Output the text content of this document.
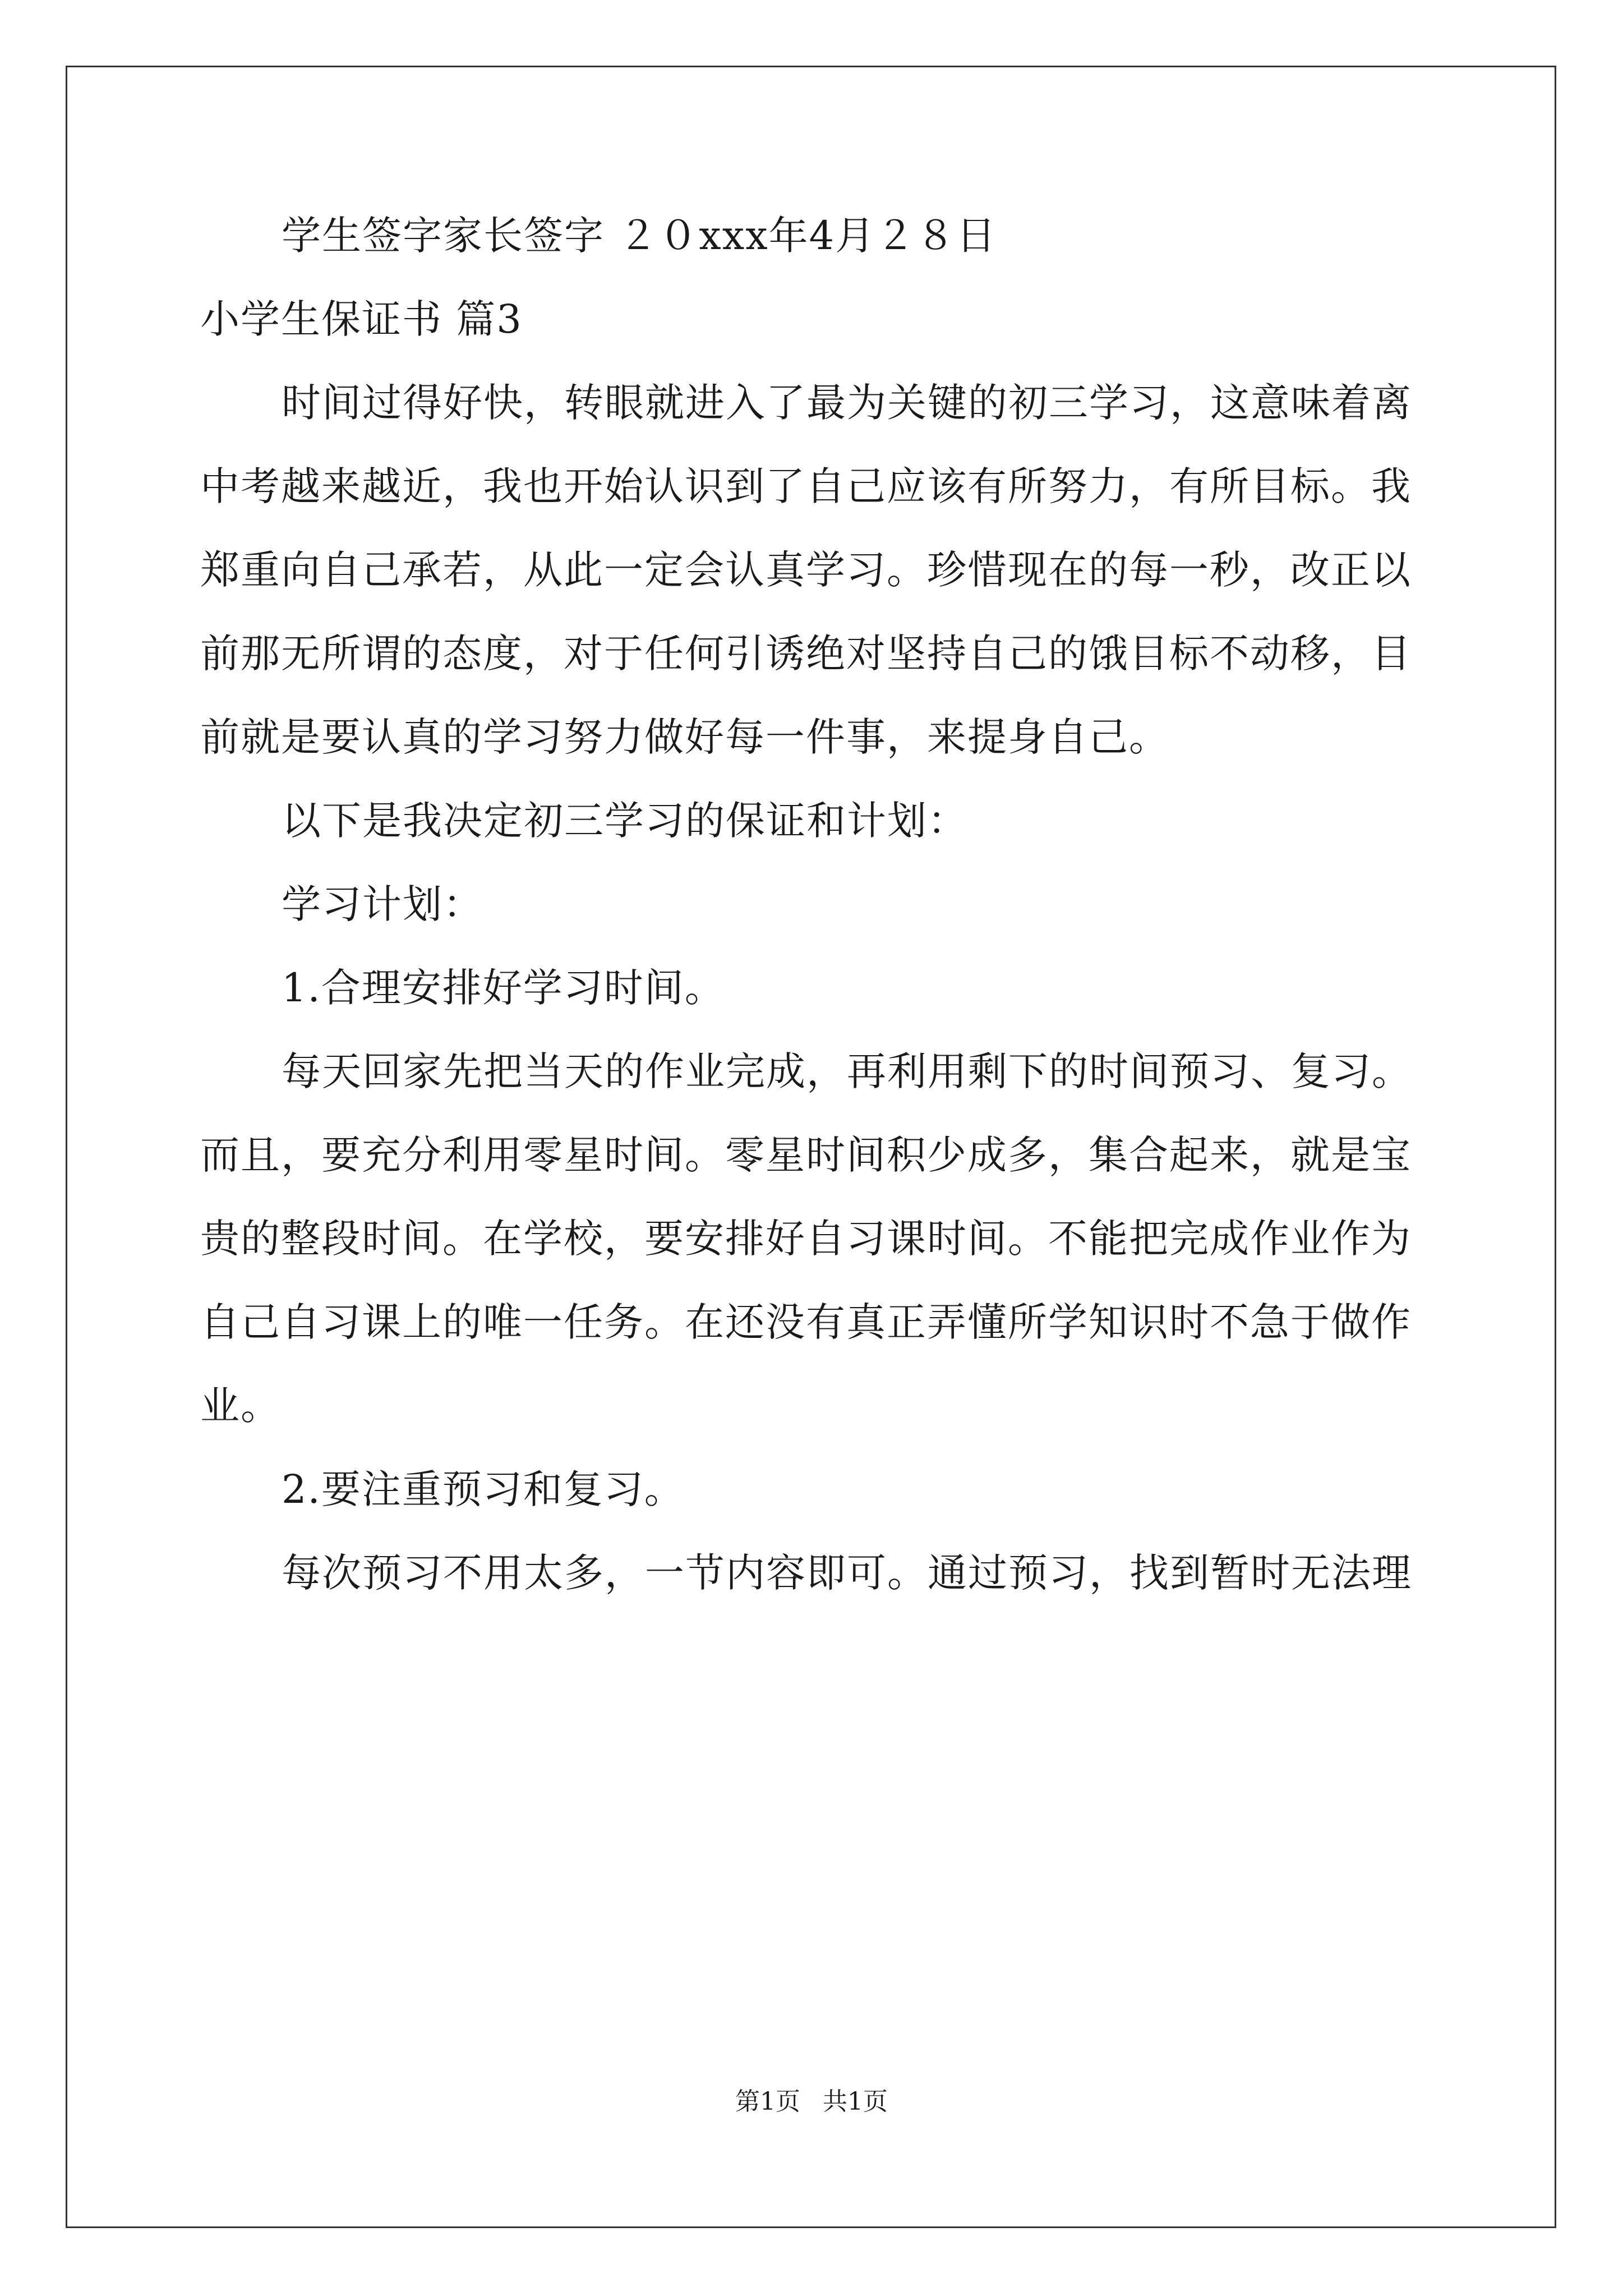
学生签字家长签字 ２０xxx年4月２８日
小学生保证书 篇3
时间过得好快，转眼就进入了最为关键的初三学习，这意味着离
中考越来越近，我也开始认识到了自己应该有所努力，有所目标。我
郑重向自己承若，从此一定会认真学习。珍惜现在的每一秒，改正以
前那无所谓的态度，对于任何引诱绝对坚持自己的饿目标不动移，目
前就是要认真的学习努力做好每一件事，来提身自己。
以下是我决定初三学习的保证和计划：
学习计划：
1.合理安排好学习时间。
每天回家先把当天的作业完成，再利用剩下的时间预习、复习。
而且，要充分利用零星时间。零星时间积少成多，集合起来，就是宝
贵的整段时间。在学校，要安排好自习课时间。不能把完成作业作为
自己自习课上的唯一任务。在还没有真正弄懂所学知识时不急于做作
业。
2.要注重预习和复习。
每次预习不用太多，一节内容即可。通过预习，找到暂时无法理
第1页 共1页
